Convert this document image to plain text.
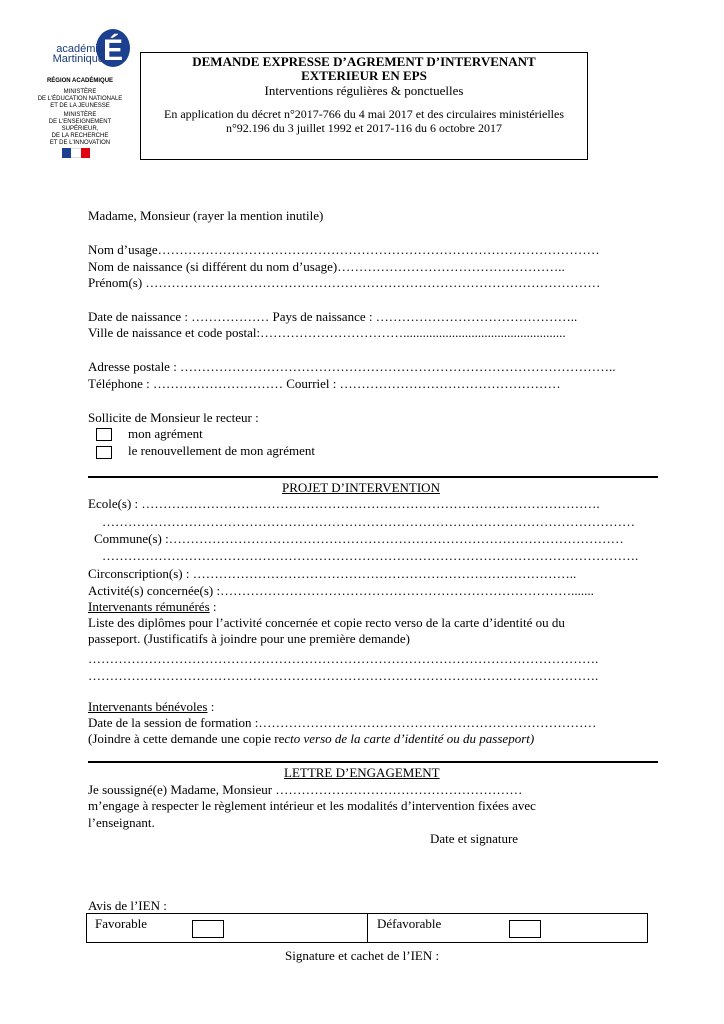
É
académie
Martinique
RÉGION ACADÉMIQUE
MINISTÈRE
DE L'ÉDUCATION NATIONALE
ET DE LA JEUNESSE
MINISTÈRE
DE L'ENSEIGNEMENT SUPÉRIEUR,
DE LA RECHERCHE
ET DE L'INNOVATION
DEMANDE EXPRESSE D’AGREMENT D’INTERVENANT
EXTERIEUR EN EPS
Interventions régulières & ponctuelles
En application du décret n°2017-766 du 4 mai 2017 et des circulaires ministérielles
n°92.196 du 3 juillet 1992 et 2017-116 du 6 octobre 2017
Madame, Monsieur (rayer la mention inutile)
Nom d’usage…………………………………………………………………………………………
Nom de naissance (si différent du nom d’usage)……………………………………………..
Prénom(s) ……………………………………………………………………………………………
Date de naissance : ……………… Pays de naissance : ………………………………………..
Ville de naissance et code postal:……………………………..................................................
Adresse postale : ………………………………………………………………………………………..
Téléphone : ………………………… Courriel : ……………………………………………
Sollicite de Monsieur le recteur :
mon agrément
le renouvellement de mon agrément
PROJET D’INTERVENTION
Ecole(s) : …………………………………………………………………………………………….
……………………………………………………………………………………………………………
Commune(s) :……………………………………………………………………………………………
…………………………………………………………………………………………………………….
Circonscription(s) : ……………………………………………………………………………..
Activité(s) concernée(s) :……………………………………………………………………….......
Intervenants rémunérés :
Liste des diplômes pour l’activité concernée et copie recto verso de la carte d’identité ou du
passeport. (Justificatifs à joindre pour une première demande)
……………………………………………………………………………………………………….
……………………………………………………………………………………………………….
Intervenants bénévoles :
Date de la session de formation :……………………………………………………………………
(Joindre à cette demande une copie recto verso de la carte d’identité ou du passeport)
LETTRE D’ENGAGEMENT
Je soussigné(e) Madame, Monsieur …………………………………………………
m’engage à respecter le règlement intérieur et les modalités d’intervention fixées avec
l’enseignant.
Date et signature
Avis de l’IEN :
Favorable	Défavorable
Signature et cachet de l’IEN :
